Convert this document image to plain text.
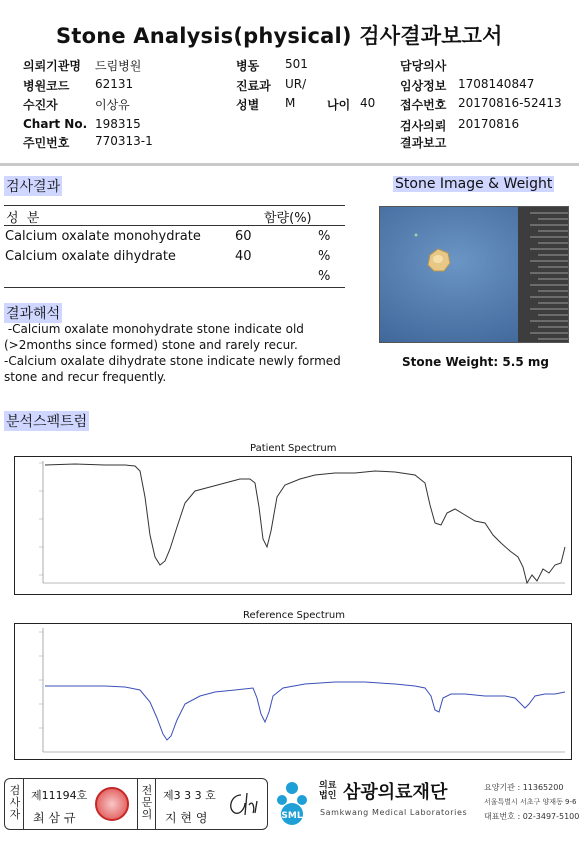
Stone Analysis(physical) 검사결과보고서
의뢰기관명 드림병원
병원코드 62131
수진자	이상유
Chart No. 198315
주민번호 770313-1
병동 501
진료과 UR/
성별 M	나이 40
담당의사
임상정보 1708140847
접수번호 20170816-52413
검사의뢰 20170816
결과보고
검사결과
성 분	함량(%)
Calcium oxalate monohydrate	60	%
Calcium oxalate dihydrate	40	%
%
Stone Image & Weight
Stone Weight: 5.5 mg
결과해석
-Calcium oxalate monohydrate stone indicate old
(>2months since formed) stone and rarely recur.
-Calcium oxalate dihydrate stone indicate newly formed
stone and recur frequently.
분석스펙트럼
Patient Spectrum
Reference Spectrum
검
사
자
제11194호
최 삼 규
전
문
의
제3 3 3 호
지 현 영	SML
의료
법인 삼광의료재단
Samkwang Medical Laboratories
요양기관 : 11365200
서울특별시 서초구 양재동 9-6
대표번호 : 02-3497-5100
